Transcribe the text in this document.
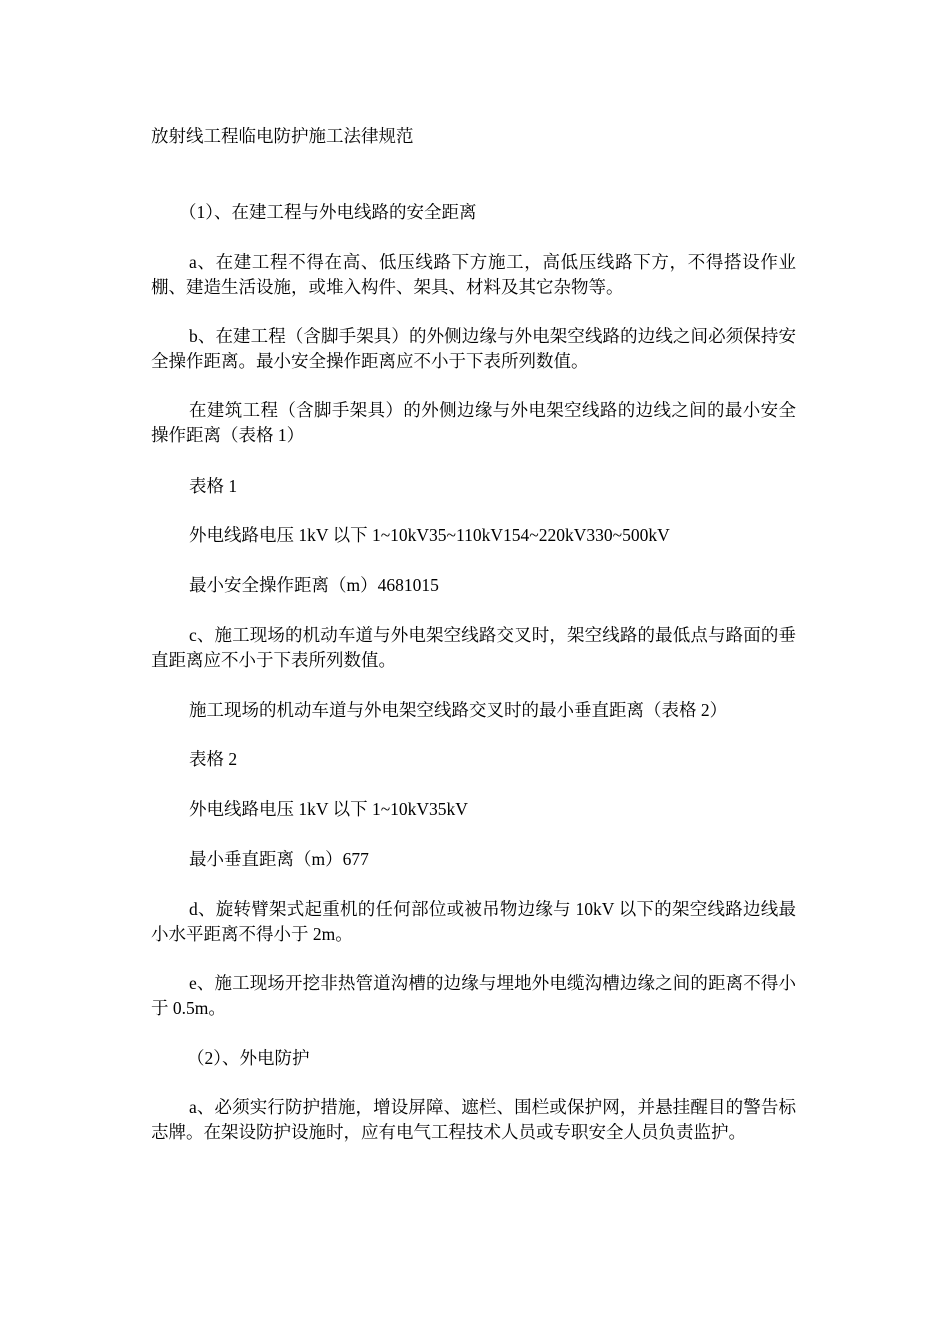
放射线工程临电防护施工法律规范
（1）、在建工程与外电线路的安全距离
a、在建工程不得在高、低压线路下方施工，高低压线路下方，不得搭设作业棚、建造生活设施，或堆入构件、架具、材料及其它杂物等。
b、在建工程（含脚手架具）的外侧边缘与外电架空线路的边线之间必须保持安全操作距离。最小安全操作距离应不小于下表所列数值。
在建筑工程（含脚手架具）的外侧边缘与外电架空线路的边线之间的最小安全操作距离（表格 1）
表格 1
外电线路电压 1kV 以下 1~10kV35~110kV154~220kV330~500kV
最小安全操作距离（m）4681015
c、施工现场的机动车道与外电架空线路交叉时，架空线路的最低点与路面的垂直距离应不小于下表所列数值。
施工现场的机动车道与外电架空线路交叉时的最小垂直距离（表格 2）
表格 2
外电线路电压 1kV 以下 1~10kV35kV
最小垂直距离（m）677
d、旋转臂架式起重机的任何部位或被吊物边缘与 10kV 以下的架空线路边线最小水平距离不得小于 2m。
e、施工现场开挖非热管道沟槽的边缘与埋地外电缆沟槽边缘之间的距离不得小于 0.5m。
（2）、外电防护
a、必须实行防护措施，增设屏障、遮栏、围栏或保护网，并悬挂醒目的警告标志牌。在架设防护设施时，应有电气工程技术人员或专职安全人员负责监护。
